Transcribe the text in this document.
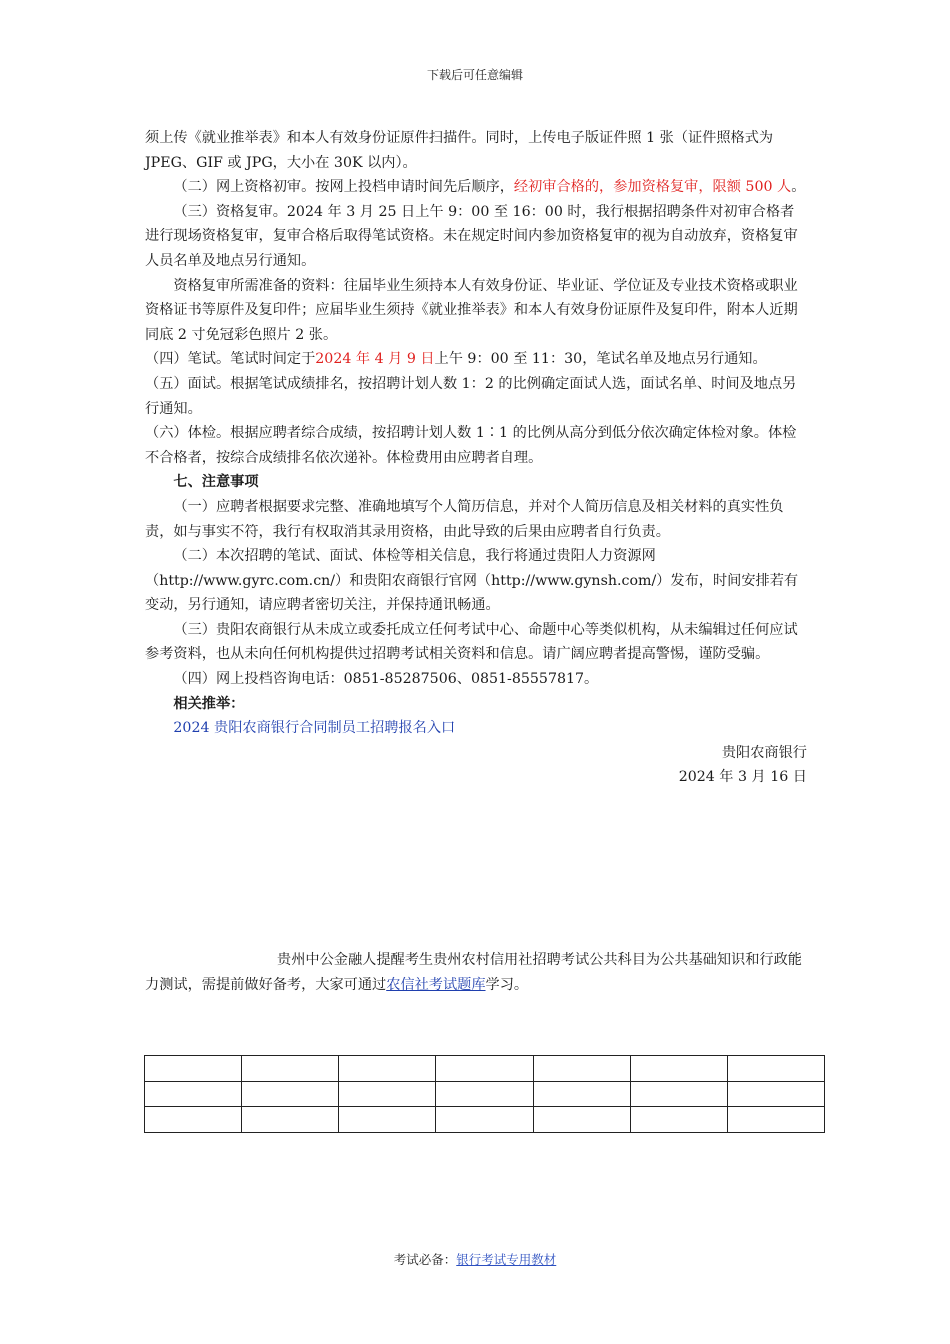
下载后可任意编辑

须上传《就业推举表》和本人有效身份证原件扫描件。同时，上传电子版证件照 1 张（证件照格式为 JPEG、GIF 或 JPG，大小在 30K 以内）。

（二）网上资格初审。按网上投档申请时间先后顺序，经初审合格的，参加资格复审，限额 500 人。

（三）资格复审。2024 年 3 月 25 日上午 9：00 至 16：00 时，我行根据招聘条件对初审合格者进行现场资格复审，复审合格后取得笔试资格。未在规定时间内参加资格复审的视为自动放弃，资格复审人员名单及地点另行通知。

资格复审所需准备的资料：往届毕业生须持本人有效身份证、毕业证、学位证及专业技术资格或职业资格证书等原件及复印件；应届毕业生须持《就业推举表》和本人有效身份证原件及复印件，附本人近期同底 2 寸免冠彩色照片 2 张。

（四）笔试。笔试时间定于2024 年 4 月 9 日上午 9：00 至 11：30，笔试名单及地点另行通知。

（五）面试。根据笔试成绩排名，按招聘计划人数 1：2 的比例确定面试人选，面试名单、时间及地点另行通知。

（六）体检。根据应聘者综合成绩，按招聘计划人数 1∶1 的比例从高分到低分依次确定体检对象。体检不合格者，按综合成绩排名依次递补。体检费用由应聘者自理。

七、注意事项

（一）应聘者根据要求完整、准确地填写个人简历信息，并对个人简历信息及相关材料的真实性负责，如与事实不符，我行有权取消其录用资格，由此导致的后果由应聘者自行负责。

（二）本次招聘的笔试、面试、体检等相关信息，我行将通过贵阳人力资源网（http://www.gyrc.com.cn/）和贵阳农商银行官网（http://www.gynsh.com/）发布，时间安排若有变动，另行通知，请应聘者密切关注，并保持通讯畅通。

（三）贵阳农商银行从未成立或委托成立任何考试中心、命题中心等类似机构，从未编辑过任何应试参考资料，也从未向任何机构提供过招聘考试相关资料和信息。请广阔应聘者提高警惕，谨防受骗。

（四）网上投档咨询电话：0851-85287506、0851-85557817。

相关推举：

2024 贵阳农商银行合同制员工招聘报名入口

贵阳农商银行

2024 年 3 月 16 日

贵州中公金融人提醒考生贵州农村信用社招聘考试公共科目为公共基础知识和行政能力测试，需提前做好备考，大家可通过农信社考试题库学习。

考试必备：银行考试专用教材
